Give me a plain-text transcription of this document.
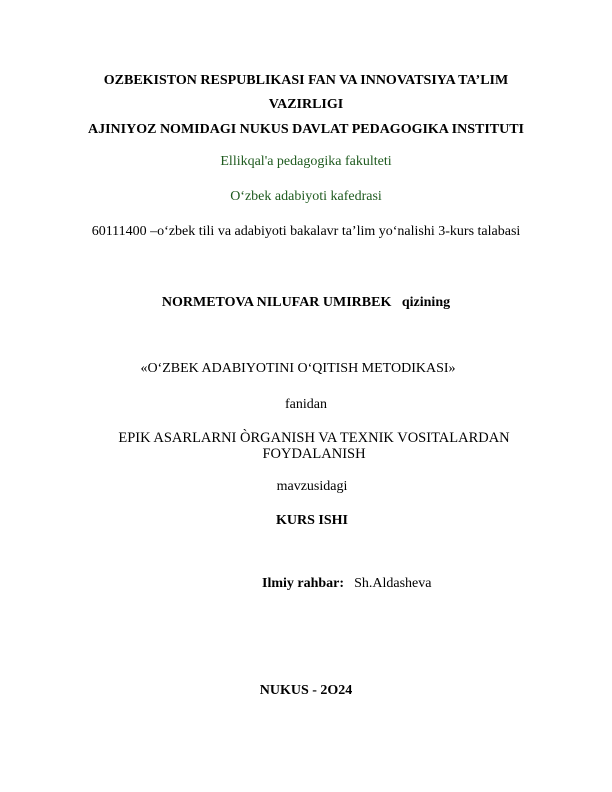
OZBEKISTON RESPUBLIKASI FAN VA INNOVATSIYA TA’LIM
VAZIRLIGI
AJINIYOZ NOMIDAGI NUKUS DAVLAT PEDAGOGIKA INSTITUTI
Ellikqal'a pedagogika fakulteti
O‘zbek adabiyoti kafedrasi
60111400 –o‘zbek tili va adabiyoti bakalavr ta’lim yo‘nalishi 3-kurs talabasi
NORMETOVA NILUFAR UMIRBEK qizining
«O‘ZBEK ADABIYOTINI O‘QITISH METODIKASI»
fanidan
EPIK ASARLARNI ÒRGANISH VA TEXNIK VOSITALARDAN
FOYDALANISH
mavzusidagi
KURS ISHI
Ilmiy rahbar: Sh.Aldasheva
NUKUS - 2O24
